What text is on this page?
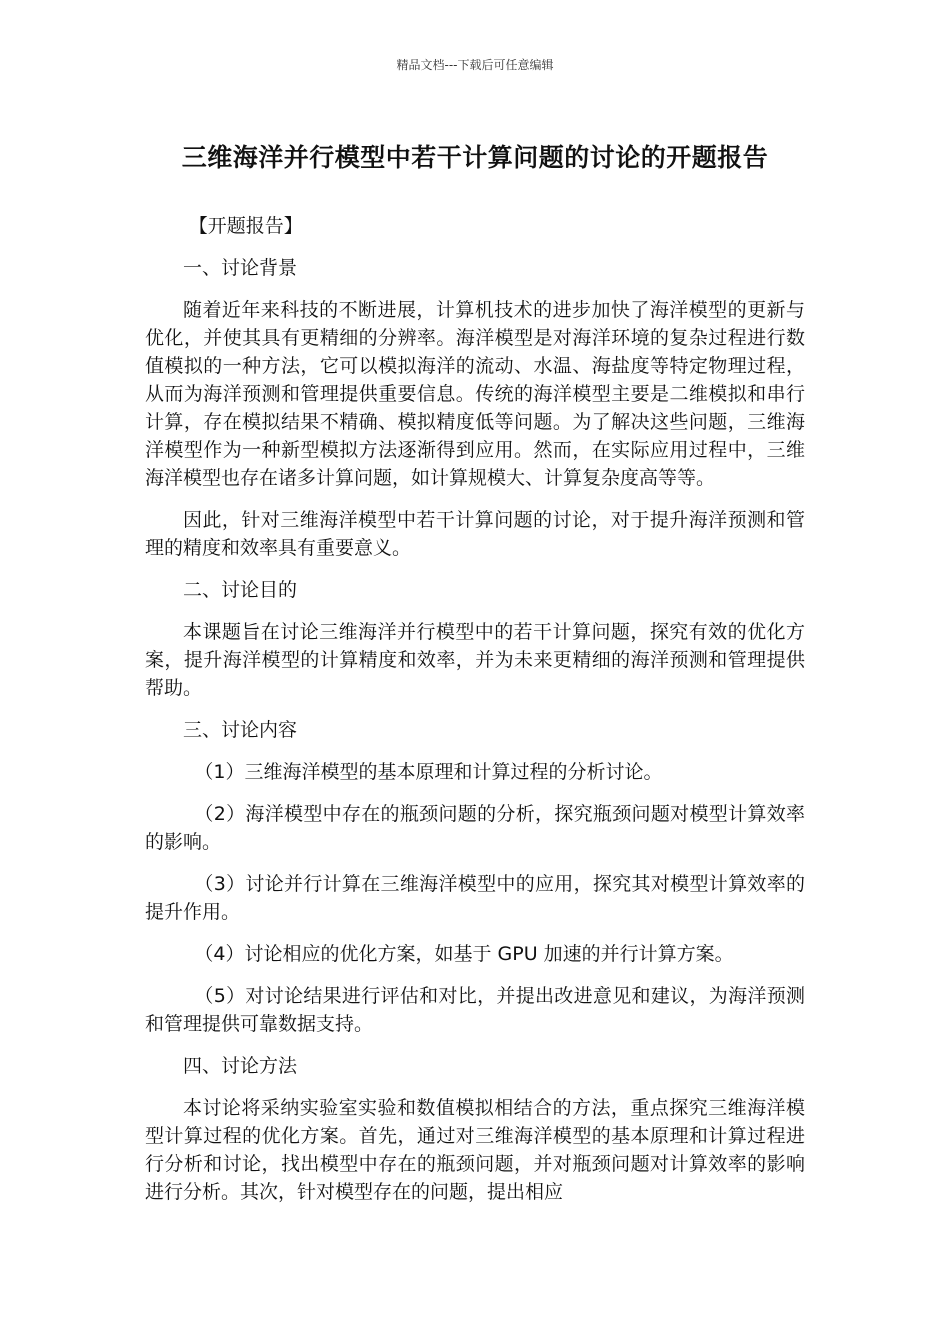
精品文档---下载后可任意编辑
三维海洋并行模型中若干计算问题的讨论的开题报告

【开题报告】

一、讨论背景

随着近年来科技的不断进展，计算机技术的进步加快了海洋模型的更新与优化，并使其具有更精细的分辨率。海洋模型是对海洋环境的复杂过程进行数值模拟的一种方法，它可以模拟海洋的流动、水温、海盐度等特定物理过程，从而为海洋预测和管理提供重要信息。传统的海洋模型主要是二维模拟和串行计算，存在模拟结果不精确、模拟精度低等问题。为了解决这些问题，三维海洋模型作为一种新型模拟方法逐渐得到应用。然而，在实际应用过程中，三维海洋模型也存在诸多计算问题，如计算规模大、计算复杂度高等等。

因此，针对三维海洋模型中若干计算问题的讨论，对于提升海洋预测和管理的精度和效率具有重要意义。

二、讨论目的

本课题旨在讨论三维海洋并行模型中的若干计算问题，探究有效的优化方案，提升海洋模型的计算精度和效率，并为未来更精细的海洋预测和管理提供帮助。

三、讨论内容

（1）三维海洋模型的基本原理和计算过程的分析讨论。

（2）海洋模型中存在的瓶颈问题的分析，探究瓶颈问题对模型计算效率的影响。

（3）讨论并行计算在三维海洋模型中的应用，探究其对模型计算效率的提升作用。

（4）讨论相应的优化方案，如基于 GPU 加速的并行计算方案。

（5）对讨论结果进行评估和对比，并提出改进意见和建议，为海洋预测和管理提供可靠数据支持。

四、讨论方法

本讨论将采纳实验室实验和数值模拟相结合的方法，重点探究三维海洋模型计算过程的优化方案。首先，通过对三维海洋模型的基本原理和计算过程进行分析和讨论，找出模型中存在的瓶颈问题，并对瓶颈问题对计算效率的影响进行分析。其次，针对模型存在的问题，提出相应
